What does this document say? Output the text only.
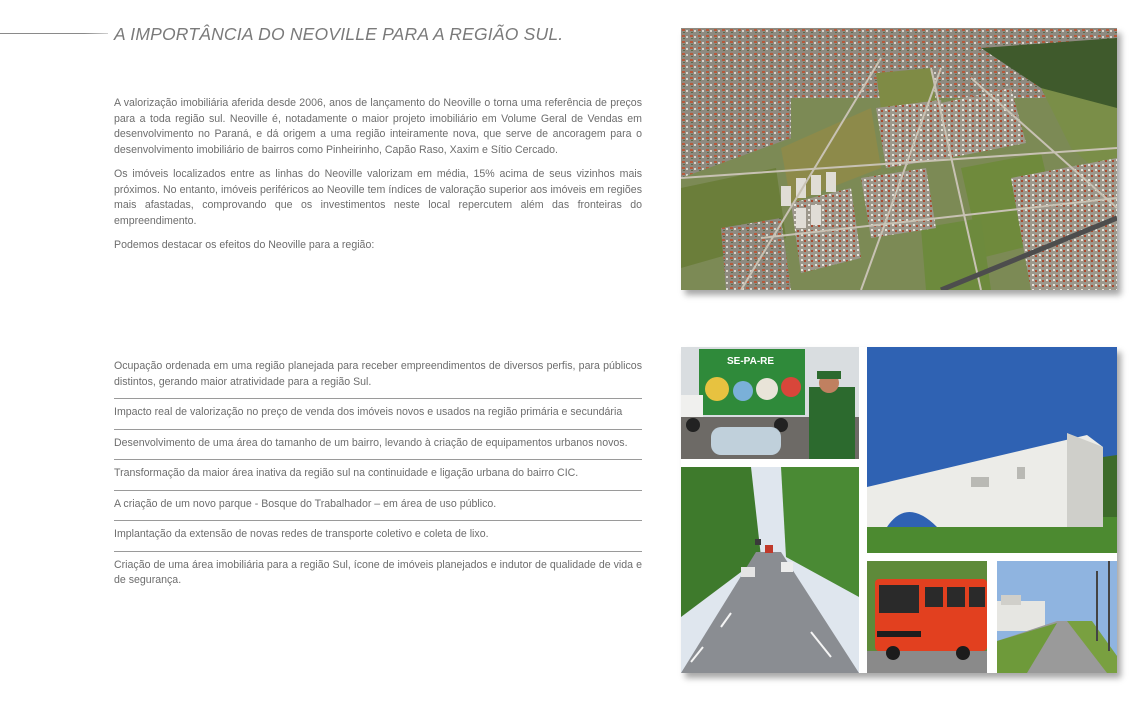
A IMPORTÂNCIA DO NEOVILLE PARA A REGIÃO SUL.

A valorização imobiliária aferida desde 2006, anos de lançamento do Neoville o torna uma referência de preços para a toda região sul. Neoville é, notadamente o maior projeto imobiliário em Volume Geral de Vendas em desenvolvimento no Paraná, e dá origem a uma região inteiramente nova, que serve de ancoragem para o desenvolvimento imobiliário de bairros como Pinheirinho, Capão Raso, Xaxim e Sítio Cercado.

Os imóveis localizados entre as linhas do Neoville valorizam em média, 15% acima de seus vizinhos mais próximos. No entanto, imóveis periféricos ao Neoville tem índices de valoração superior aos imóveis em regiões mais afastadas, comprovando que os investimentos neste local repercutem além das fronteiras do empreendimento.

Podemos destacar os efeitos do Neoville para a região:

Ocupação ordenada em uma região planejada para receber empreendimentos de diversos perfis, para públicos distintos, gerando maior atratividade para a região Sul.
Impacto real de valorização no preço de venda dos imóveis novos e usados na região primária e secundária
Desenvolvimento de uma área do tamanho de um bairro, levando à criação de equipamentos urbanos novos.
Transformação da maior área inativa da região sul na continuidade e ligação urbana do bairro CIC.
A criação de um novo parque - Bosque do Trabalhador – em área de uso público.
Implantação da extensão de novas redes de transporte coletivo e coleta de lixo.
Criação de uma área imobiliária para a região Sul, ícone de imóveis planejados e indutor de qualidade de vida e de segurança.
SE-PA-RE
